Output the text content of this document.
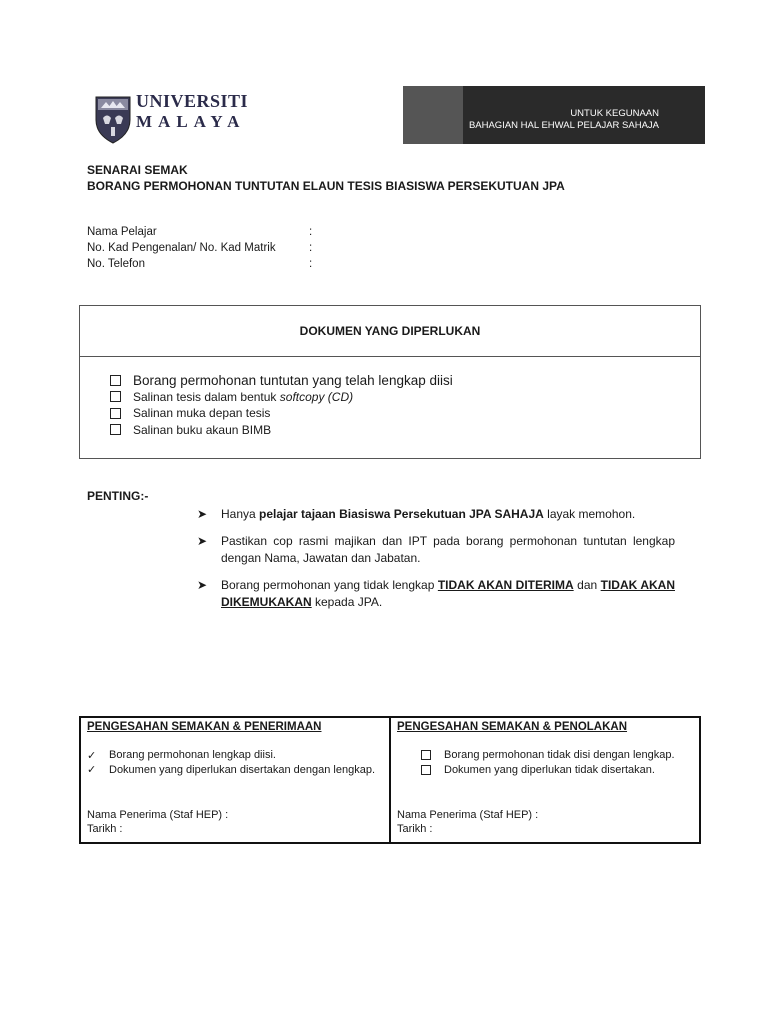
UNIVERSITI
MALAYA	UNTUK KEGUNAAN
BAHAGIAN HAL EHWAL PELAJAR SAHAJA
SENARAI SEMAK
BORANG PERMOHONAN TUNTUTAN ELAUN TESIS BIASISWA PERSEKUTUAN JPA
Nama Pelajar	:
No. Kad Pengenalan/ No. Kad Matrik	:
No. Telefon	:
DOKUMEN YANG DIPERLUKAN
Borang permohonan tuntutan yang telah lengkap diisi
Salinan tesis dalam bentuk softcopy (CD)
Salinan muka depan tesis
Salinan buku akaun BIMB
PENTING:-
➤ Hanya pelajar tajaan Biasiswa Persekutuan JPA SAHAJA layak memohon.
➤ Pastikan cop rasmi majikan dan IPT pada borang permohonan tuntutan lengkap dengan Nama, Jawatan dan Jabatan.
➤ Borang permohonan yang tidak lengkap TIDAK AKAN DITERIMA dan TIDAK AKAN DIKEMUKAKAN kepada JPA.
PENGESAHAN SEMAKAN & PENERIMAAN
✓	Borang permohonan lengkap diisi.
✓	Dokumen yang diperlukan disertakan dengan lengkap.
Nama Penerima (Staf HEP) :
Tarikh :
PENGESAHAN SEMAKAN & PENOLAKAN
Borang permohonan tidak disi dengan lengkap.
Dokumen yang diperlukan tidak disertakan.
Nama Penerima (Staf HEP) :
Tarikh :
